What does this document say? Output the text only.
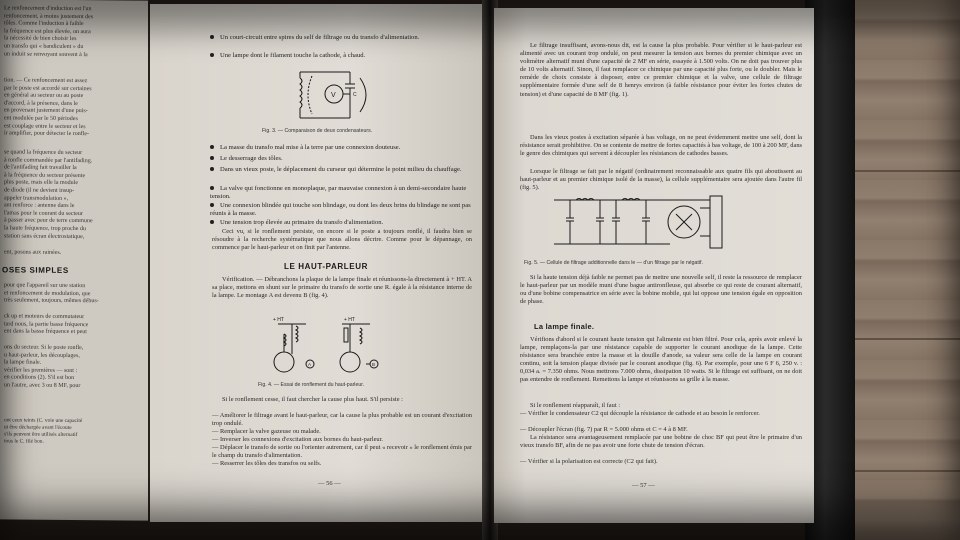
Le renfoncement d'induction est l'un
renfoncement, à moins justement des
tôles. Comme l'induction à faible
la fréquence est plus élevée, on aura
la nécessité de bien choisir les
un transfo qui « bandiculent » du
un induit se renvoyant souvent à la
tion. — Ce renfoncement est assez
par le poste est accordé sur certaines
en général au secteur ou au poste
d'accord, à la présence, dans le
en provenant justement d'une puis-
ent modulée par le 50 périodes
est couplage entre le secteur et les
ir amplifier, pour détecter le ronfle-
se quand la fréquence du secteur
à ronfle commandée par l'antifading.
de l'antifading fait travailler la
à la fréquence du secteur présente
plus poste, mais elle la module
de diode (il ne devient insup-
appeler transmodulation »,
ant renforce : antenne dans le
l'amas pour le courant du secteur
à passer avec peur de terre commune
la haute fréquence, trop proche du
station sans écran électrostatique,
ent, posons aux rainées.
OSES SIMPLES
pour que l'appareil sur une station
et renfoncement de modulation, que
très seulement, toujours, mêmes débus-
ck up et moteurs de commutateur
tard nous, la partie basse fréquence
ent dans la basse fréquence et peut
ons du secteur. Si le poste ronfle,
u haut-parleur, les découplages,
la lampe finale.
vérifier les premières — sont :
en conditions (2). S'il est bon
un l'autre, avec 3 ou 8 MF, pour
ont ceux teints (C. voie une capacité
ut être déchargée avant l'écoute
s'ils peuvent être utilisés alternatif
tous le C. filé bon.
Un court-circuit entre spires du self de filtrage ou du transfo d'alimentation.
Une lampe dont le filament touche la cathode, à chaud.
V	C
Fig. 3. — Comparaison de deux condensateurs.
La masse du transfo mal mise à la terre par une connexion douteuse.
Le desserrage des tôles.
Dans un vieux poste, le déplacement du curseur qui détermine le point milieu du chauffage.
La valve qui fonctionne en monoplaque, par mauvaise connexion à un demi-secondaire haute tension.
Une connexion blindée qui touche son blindage, ou dont les deux brins du blindage ne sont pas réunis à la masse.
Une tension trop élevée au primaire du transfo d'alimentation.
Ceci vu, si le ronflement persiste, on encore si le poste a toujours ronflé, il faudra bien se résoudre à la recherche systématique que nous allons décrire. Comme pour le dépannage, on commence par le haut-parleur et on finit par l'antenne.
LE HAUT-PARLEUR
Vérification. — Débranchons la plaque de la lampe finale et réunissons-la directement à + HT. A sa place, mettons en shunt sur le primaire du transfo de sortie une R. égale à la résistance interne de la lampe. Le montage A est devenu B (fig. 4).
+ HT	+ HT
A	B
Fig. 4. — Essai de ronflement du haut-parleur.
Si le ronflement cesse, il faut chercher la cause plus haut. S'il persiste :
— Améliorer le filtrage avant le haut-parleur, car la cause la plus probable est un courant d'excitation trop ondulé.
— Remplacer la valve gazeuse ou malade.
— Inverser les connexions d'excitation aux bornes du haut-parleur.
— Déplacer le transfo de sortie ou l'orienter autrement, car il peut « recevoir » le ronflement émis par le champ du transfo d'alimentation.
— Resserrer les tôles des transfos ou selfs.
— 56 —
Le filtrage insuffisant, avons-nous dit, est la cause la plus probable. Pour vérifier si le haut-parleur est alimenté avec un courant trop ondulé, on peut mesurer la tension aux bornes du premier chimique avec un voltmètre alternatif muni d'une capacité de 2 MF en série, essayée à 1.500 volts. On ne doit pas trouver plus de 10 volts alternatif. Sinon, il faut remplacer ce chimique par une capacité plus forte, ou le doubler. Mais le remède de choix consiste à disposer, entre ce premier chimique et la valve, une cellule de filtrage supplémentaire formée d'une self de 8 henrys environ (à faible résistance pour éviter les fortes chutes de tension) et d'une capacité de 8 MF (fig. 1).
Dans les vieux postes à excitation séparée à bas voltage, on ne peut évidemment mettre une self, dont la résistance serait prohibitive. On se contente de mettre de fortes capacités à bas voltage, de 100 à 200 MF, dans le genre des chimiques qui servent à découpler les résistances de cathodes basses.
Lorsque le filtrage se fait par le négatif (ordinairement reconnaissable aux quatre fils qui aboutissent au haut-parleur et au premier chimique isolé de la masse), la cellule supplémentaire sera ajoutée dans l'autre fil (fig. 5).
Fig. 5. — Cellule de filtrage additionnelle dans le — d'un filtrage par le négatif.
Si la haute tension déjà faible ne permet pas de mettre une nouvelle self, il reste la ressource de remplacer le haut-parleur par un modèle muni d'une bague antironfleuse, qui absorbe ce qui reste de courant alternatif, ou d'une bobine compensatrice en série avec la bobine mobile, qui lui oppose une tension égale en opposition de phase.
La lampe finale.
Vérifions d'abord si le courant haute tension qui l'alimente est bien filtré. Pour cela, après avoir enlevé la lampe, remplaçons-la par une résistance capable de supporter le courant anodique de la lampe. Cette résistance sera branchée entre la masse et la douille d'anode, sa valeur sera celle de la lampe en courant continu, soit la tension plaque divisée par le courant anodique (fig. 6). Par exemple, pour une 6 F 6, 250 v. : 0,034 a. = 7.350 ohms. Nous mettrons 7.000 ohms, dissipation 10 watts. Si le filtrage est suffisant, on ne doit pas entendre de ronflement. Remettons la lampe et réunissons sa grille à la masse.
Si le ronflement réapparaît, il faut :
— Vérifier le condensateur C2 qui découple la résistance de cathode et au besoin le renforcer.
— Découpler l'écran (fig. 7) par R = 5.000 ohms et C = 4 à 8 MF.
La résistance sera avantageusement remplacée par une bobine de choc BF qui peut être le primaire d'un vieux transfo BF, afin de ne pas avoir une forte chute de tension d'écran.
— Vérifier si la polarisation est correcte (C2 qui fait).
— 57 —
